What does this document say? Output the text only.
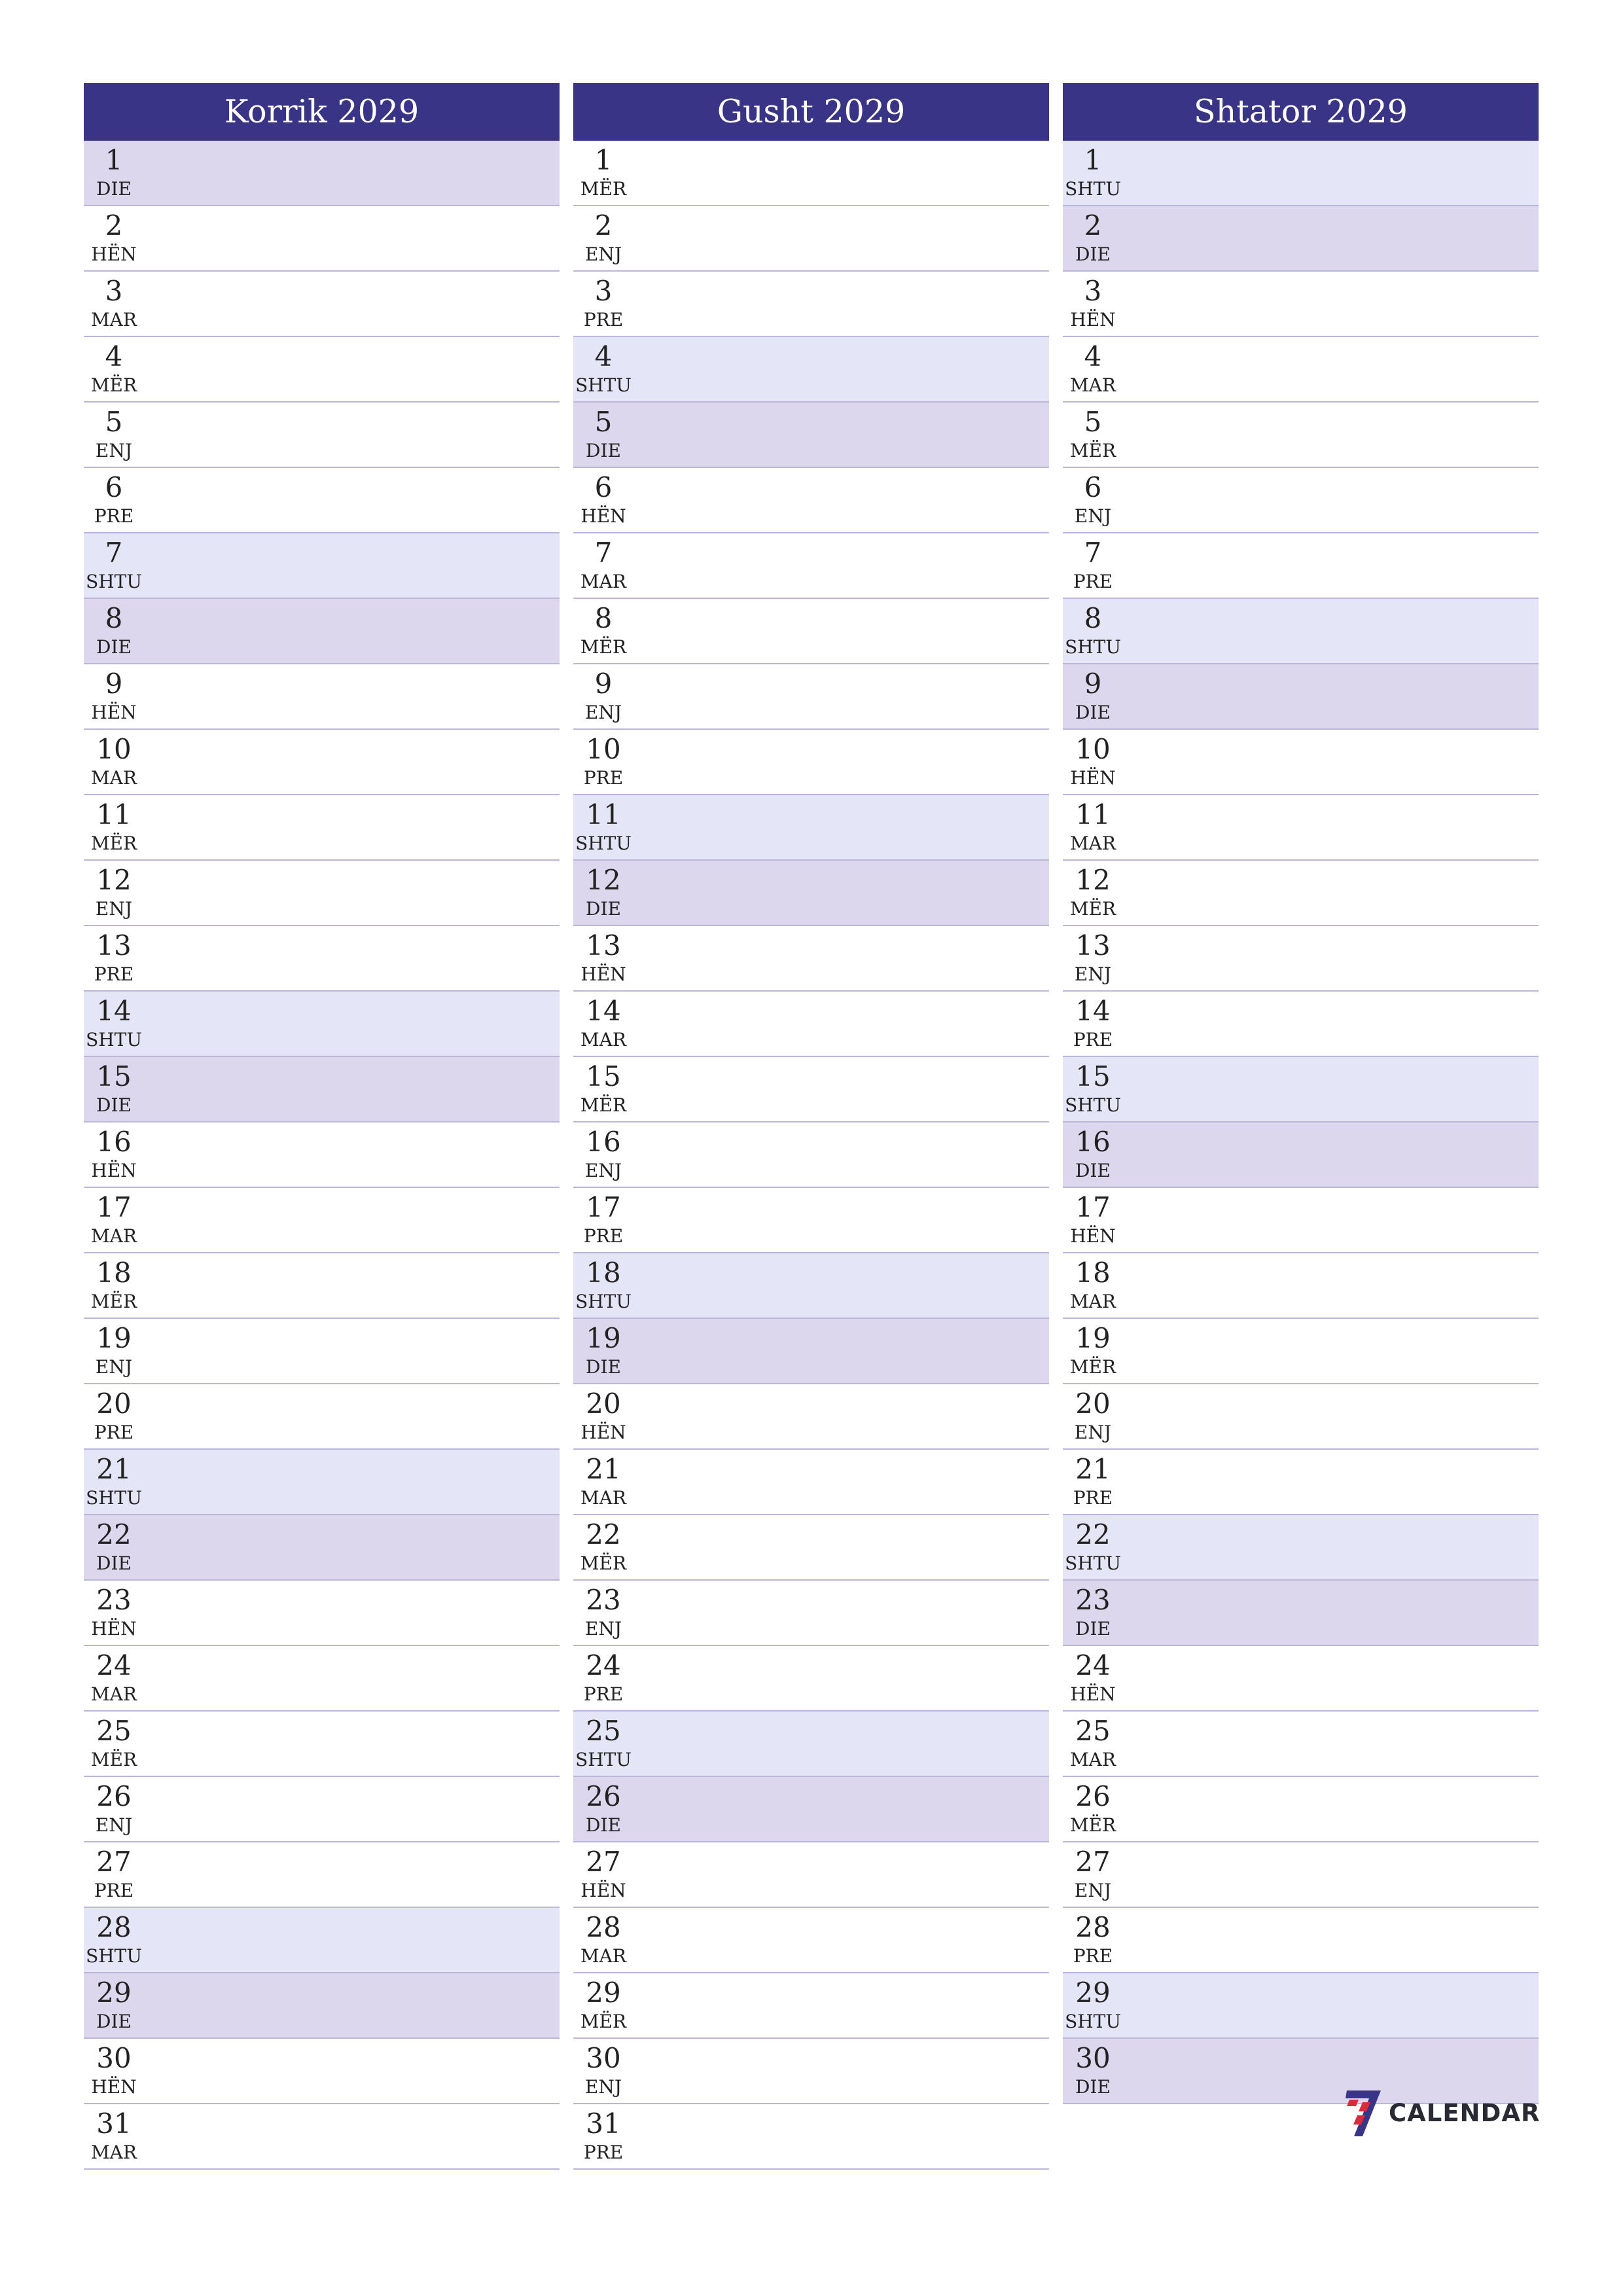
Korrik 2029
1
DIE
2
HËN
3
MAR
4
MËR
5
ENJ
6
PRE
7
SHTU
8
DIE
9
HËN
10
MAR
11
MËR
12
ENJ
13
PRE
14
SHTU
15
DIE
16
HËN
17
MAR
18
MËR
19
ENJ
20
PRE
21
SHTU
22
DIE
23
HËN
24
MAR
25
MËR
26
ENJ
27
PRE
28
SHTU
29
DIE
30
HËN
31
MAR
Gusht 2029
1
MËR
2
ENJ
3
PRE
4
SHTU
5
DIE
6
HËN
7
MAR
8
MËR
9
ENJ
10
PRE
11
SHTU
12
DIE
13
HËN
14
MAR
15
MËR
16
ENJ
17
PRE
18
SHTU
19
DIE
20
HËN
21
MAR
22
MËR
23
ENJ
24
PRE
25
SHTU
26
DIE
27
HËN
28
MAR
29
MËR
30
ENJ
31
PRE
Shtator 2029
1
SHTU
2
DIE
3
HËN
4
MAR
5
MËR
6
ENJ
7
PRE
8
SHTU
9
DIE
10
HËN
11
MAR
12
MËR
13
ENJ
14
PRE
15
SHTU
16
DIE
17
HËN
18
MAR
19
MËR
20
ENJ
21
PRE
22
SHTU
23
DIE
24
HËN
25
MAR
26
MËR
27
ENJ
28
PRE
29
SHTU
30
DIE
CALENDAR
